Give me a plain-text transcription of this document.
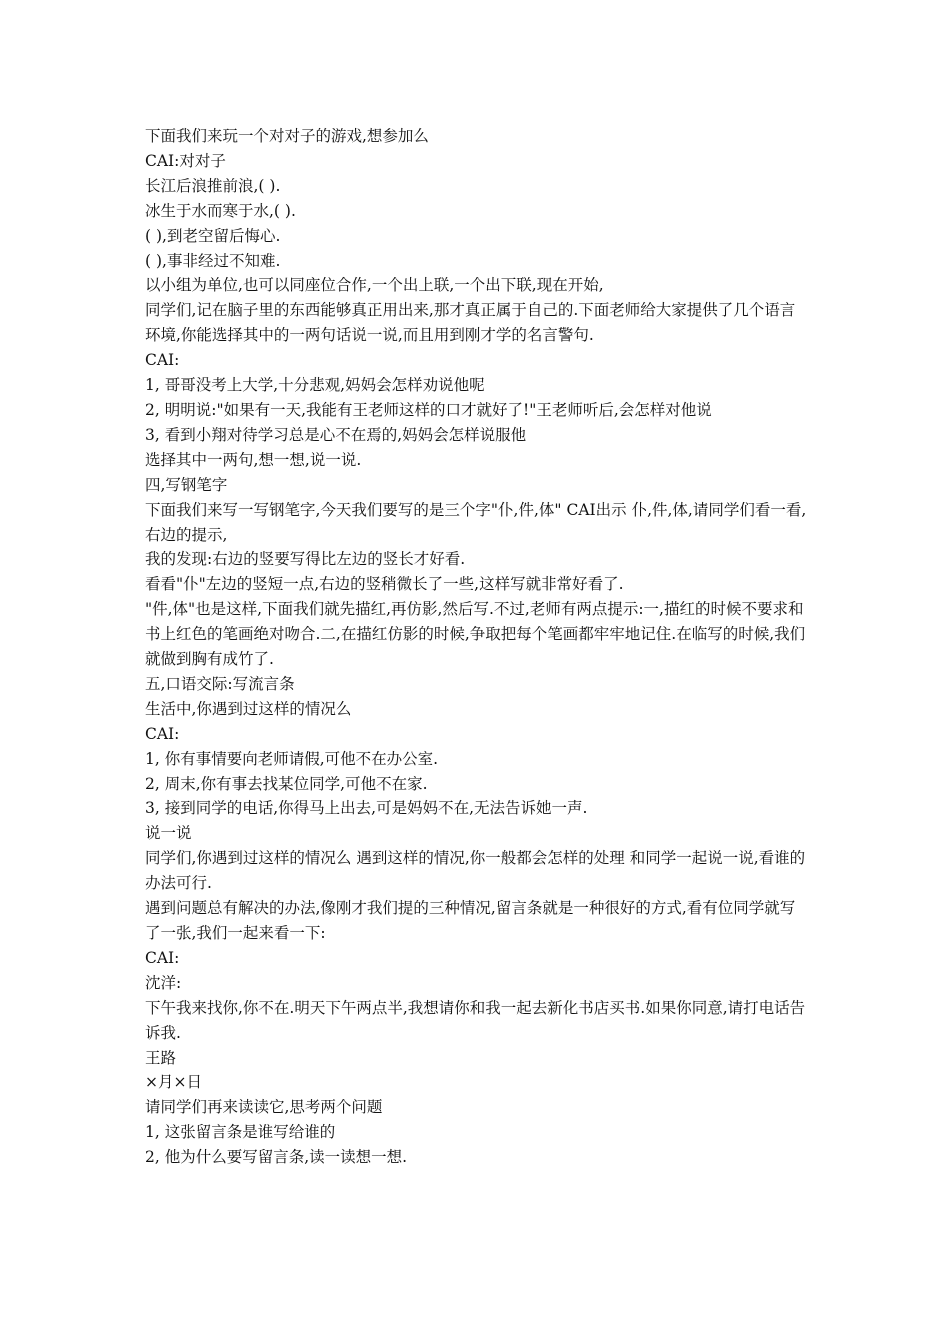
下面我们来玩一个对对子的游戏,想参加么

CAI:对对子

长江后浪推前浪,( ).

冰生于水而寒于水,( ).

( ),到老空留后悔心.

( ),事非经过不知难.

以小组为单位,也可以同座位合作,一个出上联,一个出下联,现在开始,

同学们,记在脑子里的东西能够真正用出来,那才真正属于自己的.下面老师给大家提供了几个语言环境,你能选择其中的一两句话说一说,而且用到刚才学的名言警句.

CAI:

1, 哥哥没考上大学,十分悲观,妈妈会怎样劝说他呢

2, 明明说:"如果有一天,我能有王老师这样的口才就好了!"王老师听后,会怎样对他说

3, 看到小翔对待学习总是心不在焉的,妈妈会怎样说服他

选择其中一两句,想一想,说一说.

四,写钢笔字

下面我们来写一写钢笔字,今天我们要写的是三个字"仆,件,体" CAI出示 仆,件,体,请同学们看一看,右边的提示,

我的发现:右边的竖要写得比左边的竖长才好看.

看看"仆"左边的竖短一点,右边的竖稍微长了一些,这样写就非常好看了.

"件,体"也是这样,下面我们就先描红,再仿影,然后写.不过,老师有两点提示:一,描红的时候不要求和书上红色的笔画绝对吻合.二,在描红仿影的时候,争取把每个笔画都牢牢地记住.在临写的时候,我们就做到胸有成竹了.

五,口语交际:写流言条

生活中,你遇到过这样的情况么

CAI:

1, 你有事情要向老师请假,可他不在办公室.

2, 周末,你有事去找某位同学,可他不在家.

3, 接到同学的电话,你得马上出去,可是妈妈不在,无法告诉她一声.

说一说

同学们,你遇到过这样的情况么 遇到这样的情况,你一般都会怎样的处理 和同学一起说一说,看谁的办法可行.

遇到问题总有解决的办法,像刚才我们提的三种情况,留言条就是一种很好的方式,看有位同学就写了一张,我们一起来看一下:

CAI:

沈洋:

下午我来找你,你不在.明天下午两点半,我想请你和我一起去新化书店买书.如果你同意,请打电话告诉我.

王路

×月×日

请同学们再来读读它,思考两个问题

1, 这张留言条是谁写给谁的

2, 他为什么要写留言条,读一读想一想.
